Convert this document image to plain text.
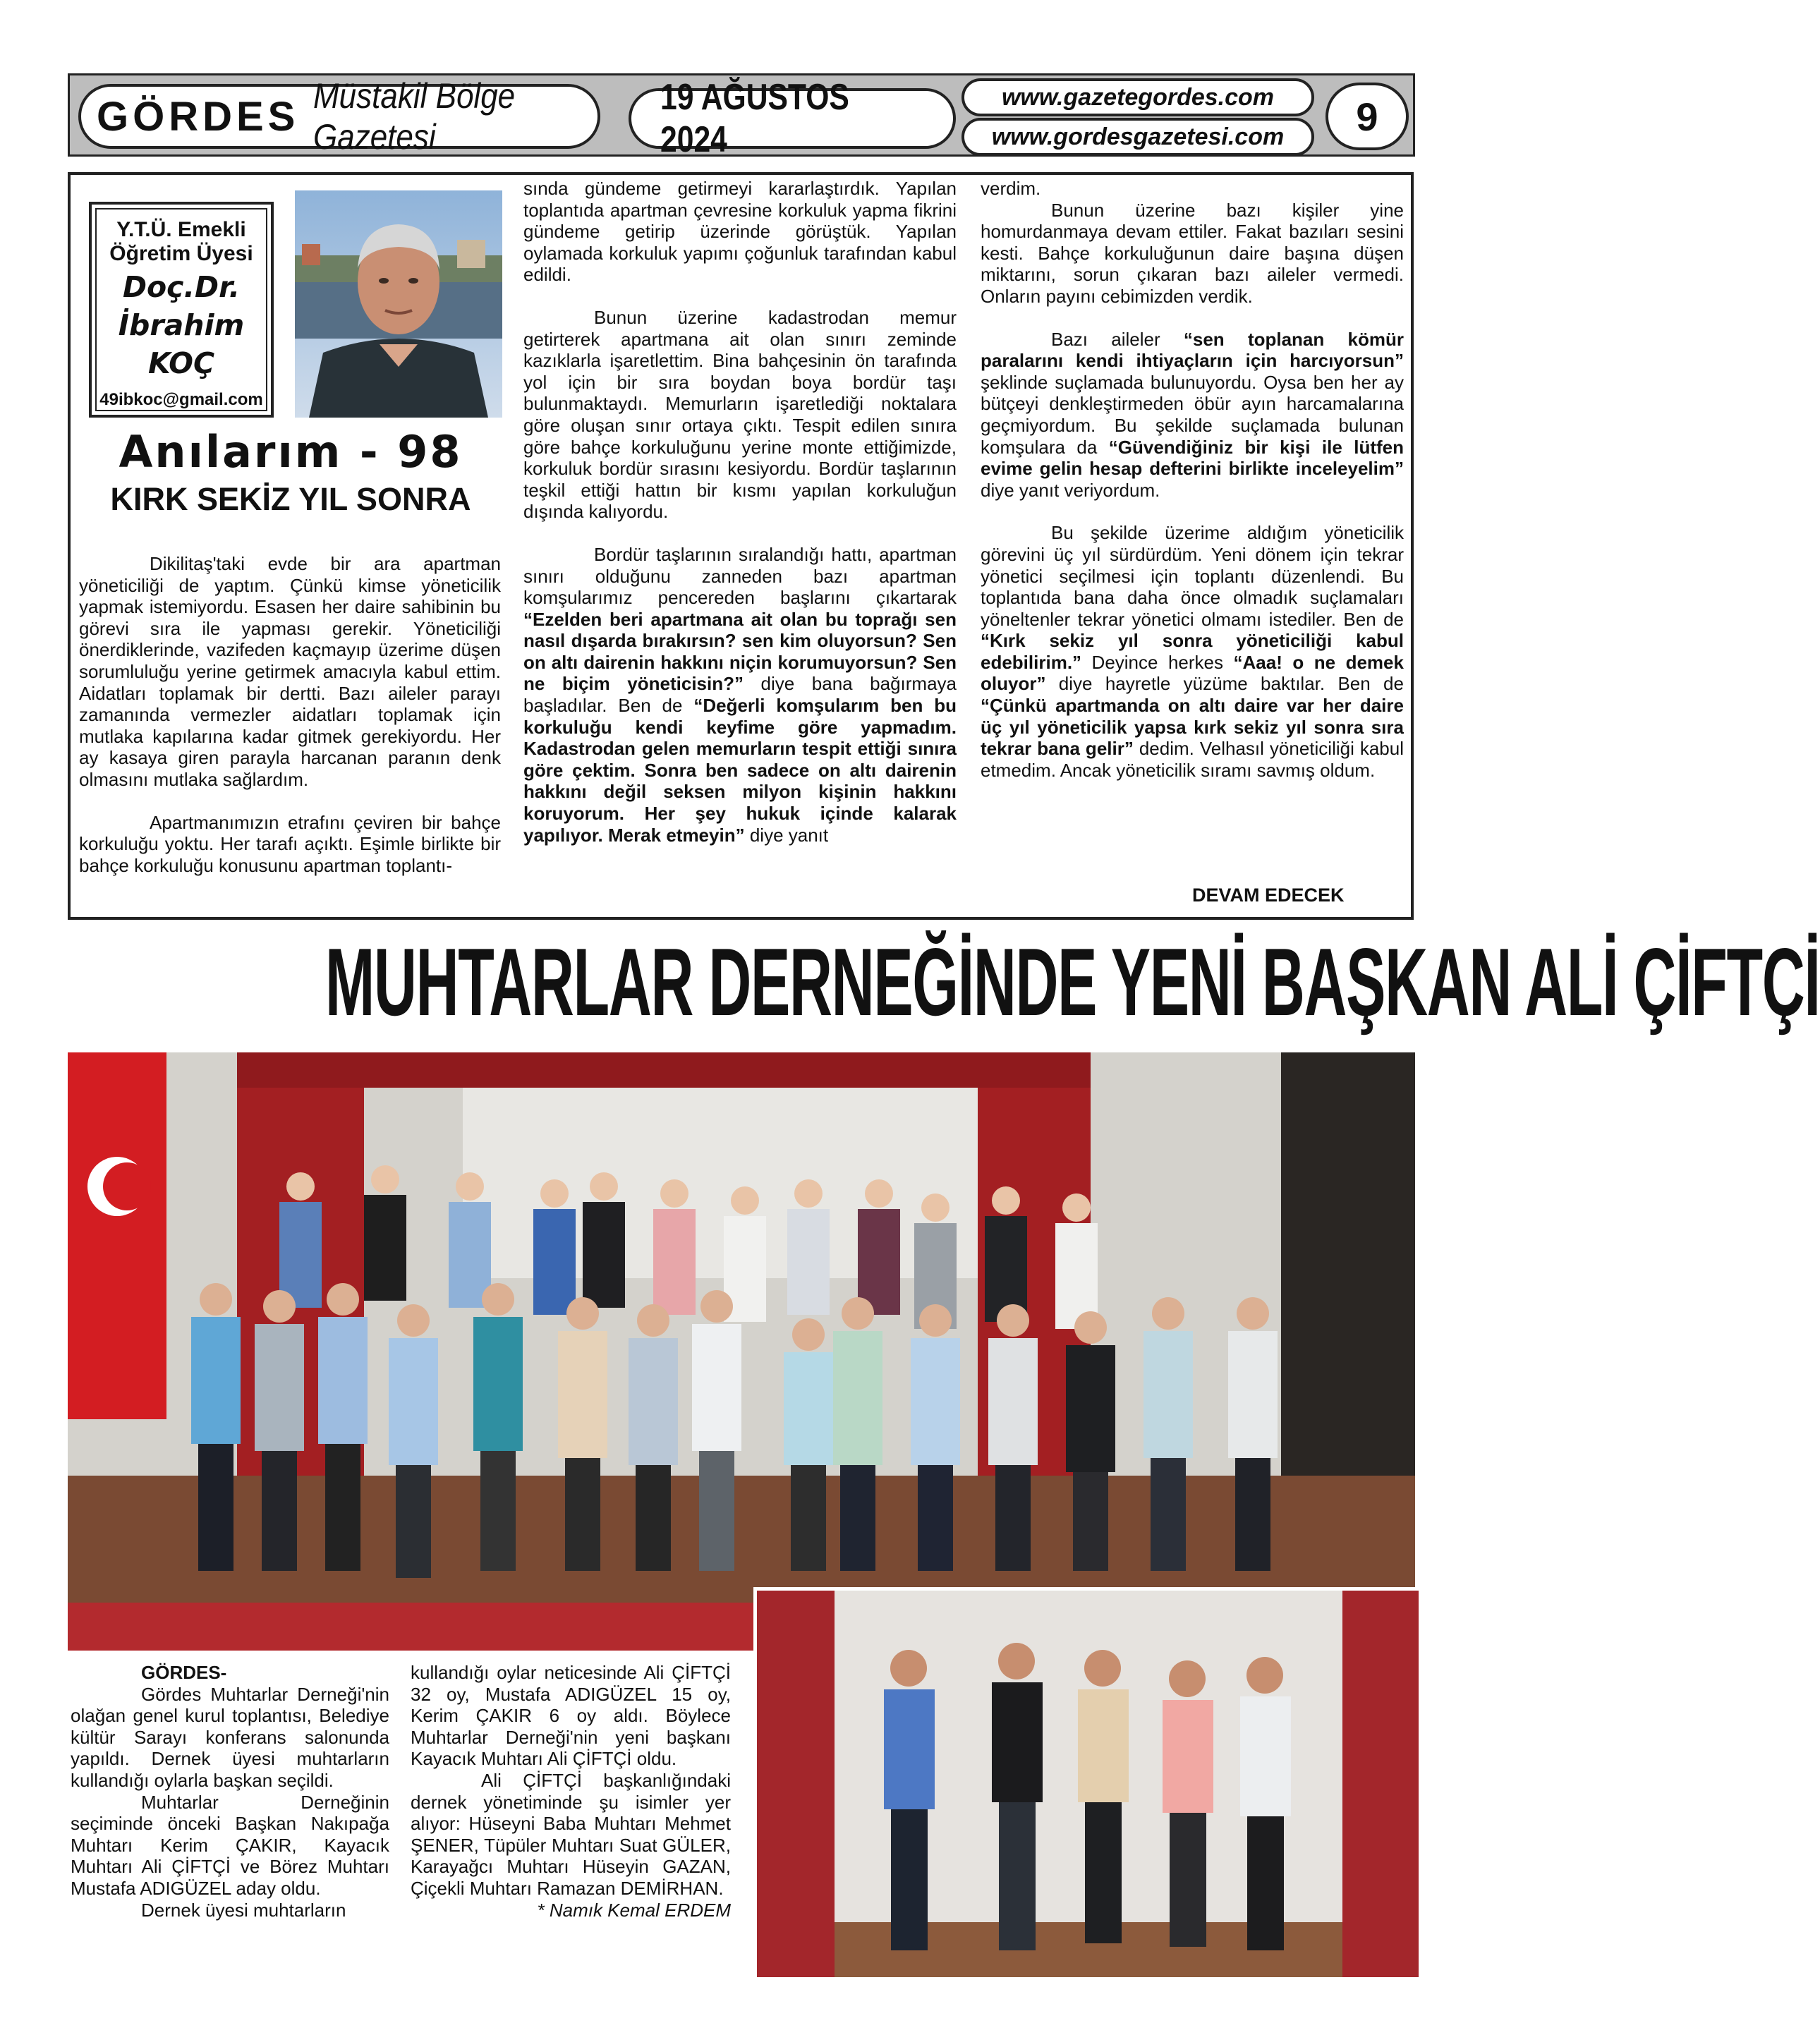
GÖRDES Müstakil Bölge Gazetesi
19 AĞUSTOS 2024
www.gazetegordes.com
www.gordesgazetesi.com 9
Y.T.Ü. Emekli
Öğretim Üyesi
Doç.Dr.
İbrahim
KOÇ
49ibkoc@gmail.com
Anılarım - 98
KIRK SEKİZ YIL SONRA

Dikilitaş'taki evde bir ara apartman yöneticiliği de yaptım. Çünkü kimse yöneticilik yapmak istemiyordu. Esasen her daire sahibinin bu görevi sıra ile yapması gerekir. Yöneticiliği önerdiklerinde, vazifeden kaçmayıp üzerime düşen sorumluluğu yerine getirmek amacıyla kabul ettim. Aidatları toplamak bir dertti. Bazı aileler parayı zamanında vermezler aidatları toplamak için mutlaka kapılarına kadar gitmek gerekiyordu. Her ay kasaya giren parayla harcanan paranın denk olmasını mutlaka sağlardım.

Apartmanımızın etrafını çeviren bir bahçe korkuluğu yoktu. Her tarafı açıktı. Eşimle birlikte bir bahçe korkuluğu konusunu apartman toplantı-

sında gündeme getirmeyi kararlaştırdık. Yapılan toplantıda apartman çevresine korkuluk yapma fikrini gündeme getirip üzerinde görüştük. Yapılan oylamada korkuluk yapımı çoğunluk tarafından kabul edildi.

Bunun üzerine kadastrodan memur getirterek apartmana ait olan sınırı zeminde kazıklarla işaretlettim. Bina bahçesinin ön tarafında yol için bir sıra boydan boya bordür taşı bulunmaktaydı. Memurların işaretlediği noktalara göre oluşan sınır ortaya çıktı. Tespit edilen sınıra göre bahçe korkuluğunu yerine monte ettiğimizde, korkuluk bordür sırasını kesiyordu. Bordür taşlarının teşkil ettiği hattın bir kısmı yapılan korkuluğun dışında kalıyordu.

Bordür taşlarının sıralandığı hattı, apartman sınırı olduğunu zanneden bazı apartman komşularımız pencereden başlarını çıkartarak “Ezelden beri apartmana ait olan bu toprağı sen nasıl dışarda bırakırsın? sen kim oluyorsun? Sen on altı dairenin hakkını niçin korumuyorsun? Sen ne biçim yöneticisin?” diye bana bağırmaya başladılar. Ben de “Değerli komşularım ben bu korkuluğu kendi keyfime göre yapmadım. Kadastrodan gelen memurların tespit ettiği sınıra göre çektim. Sonra ben sadece on altı dairenin hakkını değil seksen milyon kişinin hakkını koruyorum. Her şey hukuk içinde kalarak yapılıyor. Merak etmeyin” diye yanıt

verdim.

Bunun üzerine bazı kişiler yine homurdanmaya devam ettiler. Fakat bazıları sesini kesti. Bahçe korkuluğunun daire başına düşen miktarını, sorun çıkaran bazı aileler vermedi. Onların payını cebimizden verdik.

Bazı aileler “sen toplanan kömür paralarını kendi ihtiyaçların için harcıyorsun” şeklinde suçlamada bulunuyordu. Oysa ben her ay bütçeyi denkleştirmeden öbür ayın harcamalarına geçmiyordum. Bu şekilde suçlamada bulunan komşulara da “Güvendiğiniz bir kişi ile lütfen evime gelin hesap defterini birlikte inceleyelim” diye yanıt veriyordum.

Bu şekilde üzerime aldığım yöneticilik görevini üç yıl sürdürdüm. Yeni dönem için tekrar yönetici seçilmesi için toplantı düzenlendi. Bu toplantıda bana daha önce olmadık suçlamaları yöneltenler tekrar yönetici olmamı istediler. Ben de “Kırk sekiz yıl sonra yöneticiliği kabul edebilirim.” Deyince herkes “Aaa! o ne demek oluyor” diye hayretle yüzüme baktılar. Ben de “Çünkü apartmanda on altı daire var her daire üç yıl yöneticilik yapsa kırk sekiz yıl sonra sıra tekrar bana gelir” dedim. Velhasıl yöneticiliği kabul etmedim. Ancak yöneticilik sıramı savmış oldum.

DEVAM EDECEK
MUHTARLAR DERNEĞİNDE YENİ BAŞKAN ALİ ÇİFTÇİ

GÖRDES-

Gördes Muhtarlar Derneği'nin olağan genel kurul toplantısı, Belediye kültür Sarayı konferans salonunda yapıldı. Dernek üyesi muhtarların kullandığı oylarla başkan seçildi.

Muhtarlar Derneğinin seçiminde önceki Başkan Nakıpağa Muhtarı Kerim ÇAKIR, Kayacık Muhtarı Ali ÇİFTÇİ ve Börez Muhtarı Mustafa ADIGÜZEL aday oldu.

Dernek üyesi muhtarların

kullandığı oylar neticesinde Ali ÇİFTÇİ 32 oy, Mustafa ADIGÜZEL 15 oy, Kerim ÇAKIR 6 oy aldı. Böylece Muhtarlar Derneği'nin yeni başkanı Kayacık Muhtarı Ali ÇİFTÇİ oldu.

Ali ÇİFTÇİ başkanlığındaki dernek yönetiminde şu isimler yer alıyor: Hüseyni Baba Muhtarı Mehmet ŞENER, Tüpüler Muhtarı Suat GÜLER, Karayağcı Muhtarı Hüseyin GAZAN, Çiçekli Muhtarı Ramazan DEMİRHAN.

* Namık Kemal ERDEM
